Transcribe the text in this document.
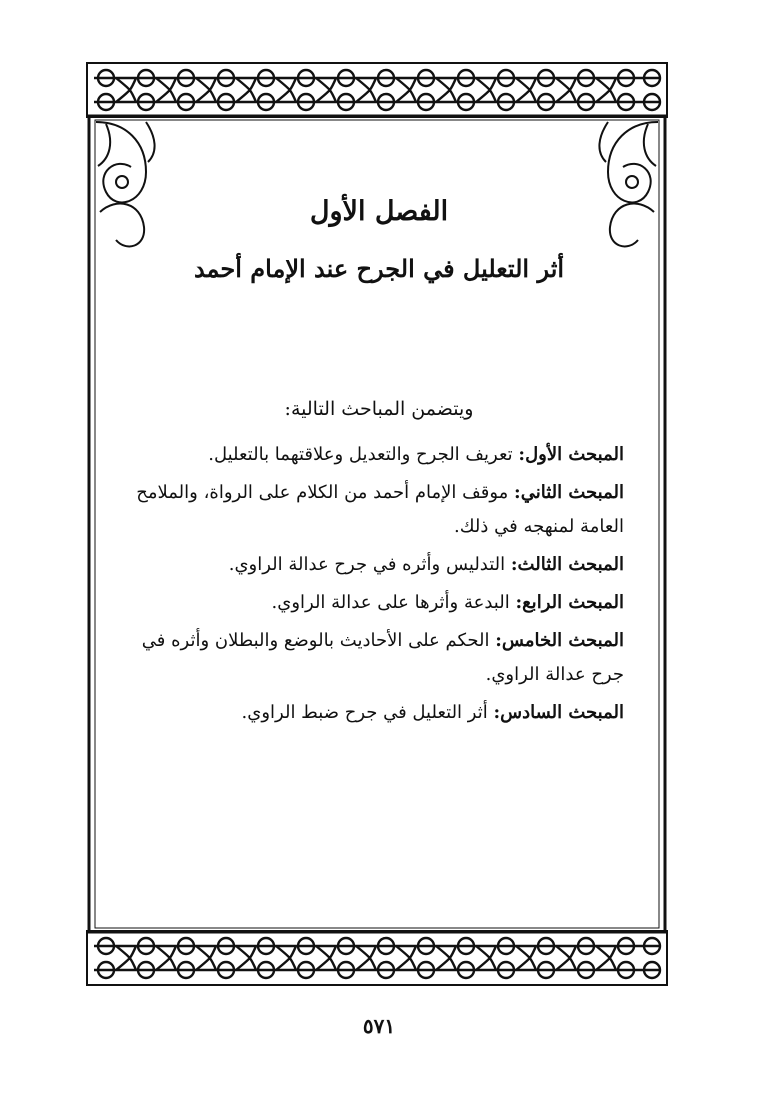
الفصل الأول
أثر التعليل في الجرح عند الإمام أحمد

ويتضمن المباحث التالية:

المبحث الأول: تعريف الجرح والتعديل وعلاقتهما بالتعليل.
المبحث الثاني: موقف الإمام أحمد من الكلام على الرواة، والملامح العامة لمنهجه في ذلك.
المبحث الثالث: التدليس وأثره في جرح عدالة الراوي.
المبحث الرابع: البدعة وأثرها على عدالة الراوي.
المبحث الخامس: الحكم على الأحاديث بالوضع والبطلان وأثره في جرح عدالة الراوي.
المبحث السادس: أثر التعليل في جرح ضبط الراوي.
٥٧١
